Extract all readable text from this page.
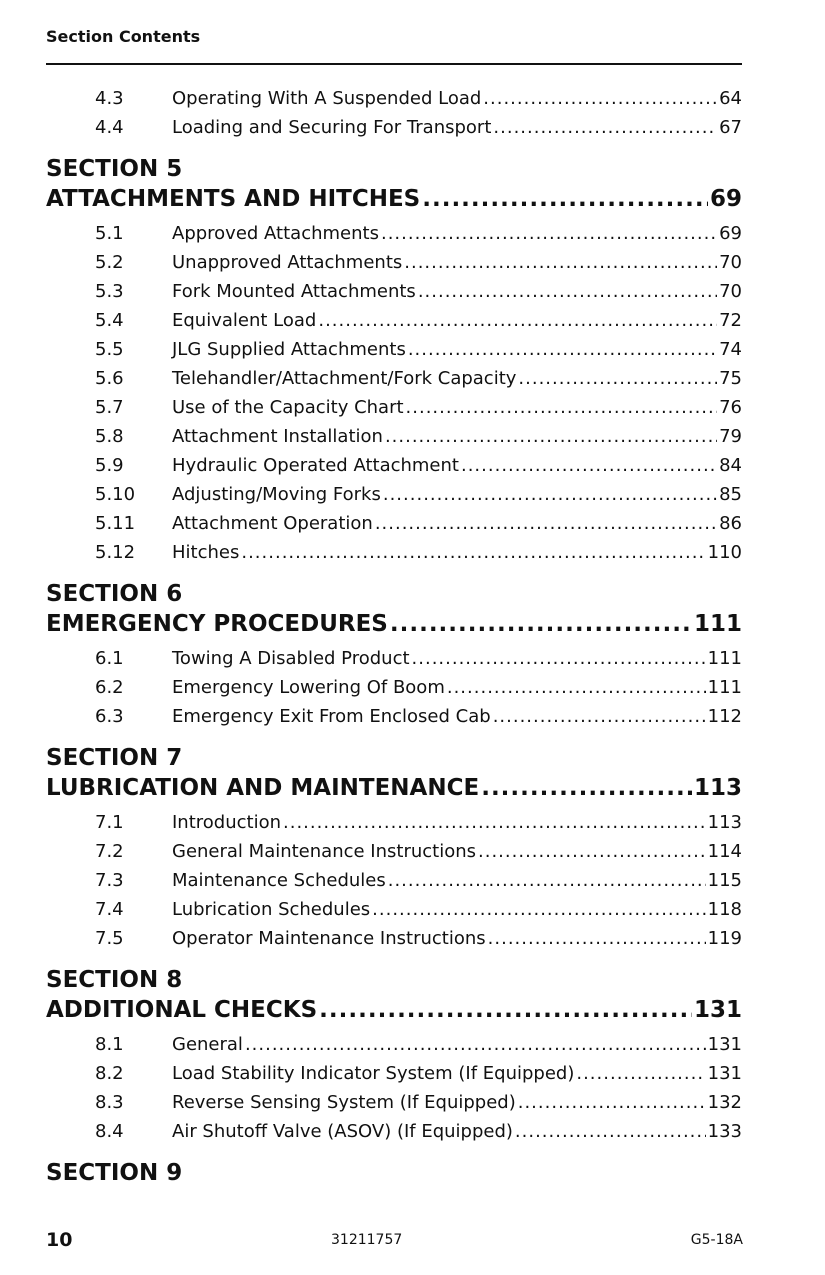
Section Contents
4.3	Operating With A Suspended Load .....	64
4.4	Loading and Securing For Transport .....	67
SECTION 5
ATTACHMENTS AND HITCHES .....	69
5.1	Approved Attachments .....	69
5.2	Unapproved Attachments .....	70
5.3	Fork Mounted Attachments .....	70
5.4	Equivalent Load .....	72
5.5	JLG Supplied Attachments .....	74
5.6	Telehandler/Attachment/Fork Capacity .....	75
5.7	Use of the Capacity Chart .....	76
5.8	Attachment Installation .....	79
5.9	Hydraulic Operated Attachment .....	84
5.10 Adjusting/Moving Forks .....	85
5.11 Attachment Operation .....	86
5.12 Hitches .....	110
SECTION 6
EMERGENCY PROCEDURES .....	111
6.1	Towing A Disabled Product .....	111
6.2	Emergency Lowering Of Boom .....	111
6.3	Emergency Exit From Enclosed Cab .....	112
SECTION 7
LUBRICATION AND MAINTENANCE .....	113
7.1	Introduction .....	113
7.2	General Maintenance Instructions .....	114
7.3	Maintenance Schedules .....	115
7.4	Lubrication Schedules .....	118
7.5	Operator Maintenance Instructions .....	119
SECTION 8
ADDITIONAL CHECKS .....	131
8.1	General .....	131
8.2	Load Stability Indicator System (If Equipped) .....	131
8.3	Reverse Sensing System (If Equipped) .....	132
8.4	Air Shutoff Valve (ASOV) (If Equipped) .....	133
SECTION 9
10	31211757	G5-18A
